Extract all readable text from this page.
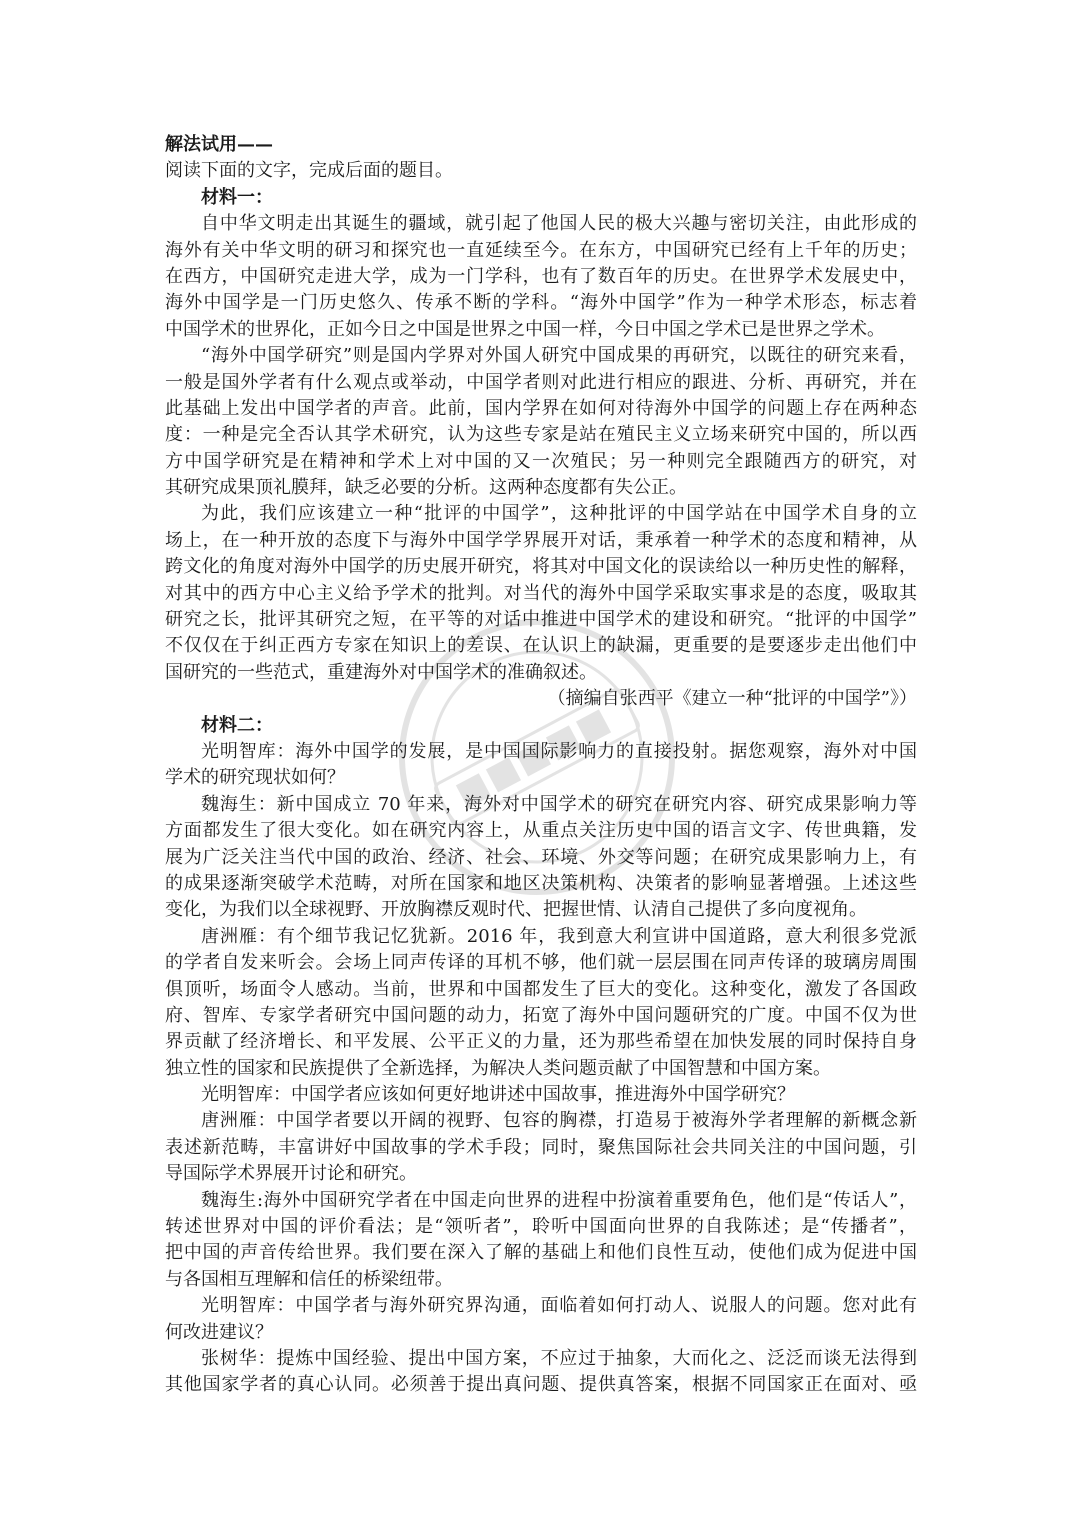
解法试用——
阅读下面的文字，完成后面的题目。
材料一：
自中华文明走出其诞生的疆域，就引起了他国人民的极大兴趣与密切关注，由此形成的
海外有关中华文明的研习和探究也一直延续至今。在东方，中国研究已经有上千年的历史；
在西方，中国研究走进大学，成为一门学科，也有了数百年的历史。在世界学术发展史中，
海外中国学是一门历史悠久、传承不断的学科。“海外中国学”作为一种学术形态，标志着
中国学术的世界化，正如今日之中国是世界之中国一样，今日中国之学术已是世界之学术。
“海外中国学研究”则是国内学界对外国人研究中国成果的再研究，以既往的研究来看，
一般是国外学者有什么观点或举动，中国学者则对此进行相应的跟进、分析、再研究，并在
此基础上发出中国学者的声音。此前，国内学界在如何对待海外中国学的问题上存在两种态
度：一种是完全否认其学术研究，认为这些专家是站在殖民主义立场来研究中国的，所以西
方中国学研究是在精神和学术上对中国的又一次殖民；另一种则完全跟随西方的研究，对
其研究成果顶礼膜拜，缺乏必要的分析。这两种态度都有失公正。
为此，我们应该建立一种“批评的中国学”，这种批评的中国学站在中国学术自身的立
场上，在一种开放的态度下与海外中国学学界展开对话，秉承着一种学术的态度和精神，从
跨文化的角度对海外中国学的历史展开研究，将其对中国文化的误读给以一种历史性的解释，
对其中的西方中心主义给予学术的批判。对当代的海外中国学采取实事求是的态度，吸取其
研究之长，批评其研究之短，在平等的对话中推进中国学术的建设和研究。“批评的中国学”
不仅仅在于纠正西方专家在知识上的差误、在认识上的缺漏，更重要的是要逐步走出他们中
国研究的一些范式，重建海外对中国学术的准确叙述。
（摘编自张西平《建立一种“批评的中国学”》）
材料二：
光明智库：海外中国学的发展，是中国国际影响力的直接投射。据您观察，海外对中国
学术的研究现状如何？
魏海生：新中国成立 70 年来，海外对中国学术的研究在研究内容、研究成果影响力等
方面都发生了很大变化。如在研究内容上，从重点关注历史中国的语言文字、传世典籍，发
展为广泛关注当代中国的政治、经济、社会、环境、外交等问题；在研究成果影响力上，有
的成果逐渐突破学术范畴，对所在国家和地区决策机构、决策者的影响显著增强。上述这些
变化，为我们以全球视野、开放胸襟反观时代、把握世情、认清自己提供了多向度视角。
唐洲雁：有个细节我记忆犹新。2016 年，我到意大利宣讲中国道路，意大利很多党派
的学者自发来听会。会场上同声传译的耳机不够，他们就一层层围在同声传译的玻璃房周围
倶顶听，场面令人感动。当前，世界和中国都发生了巨大的变化。这种变化，激发了各国政
府、智库、专家学者研究中国问题的动力，拓宽了海外中国问题研究的广度。中国不仅为世
界贡献了经济增长、和平发展、公平正义的力量，还为那些希望在加快发展的同时保持自身
独立性的国家和民族提供了全新选择，为解决人类问题贡献了中国智慧和中国方案。
光明智库：中国学者应该如何更好地讲述中国故事，推进海外中国学研究？
唐洲雁：中国学者要以开阔的视野、包容的胸襟，打造易于被海外学者理解的新概念新
表述新范畴，丰富讲好中国故事的学术手段；同时，聚焦国际社会共同关注的中国问题，引
导国际学术界展开讨论和研究。
魏海生:海外中国研究学者在中国走向世界的进程中扮演着重要角色，他们是“传话人”，
转述世界对中国的评价看法；是“领听者”，聆听中国面向世界的自我陈述；是“传播者”，
把中国的声音传给世界。我们要在深入了解的基础上和他们良性互动，使他们成为促进中国
与各国相互理解和信任的桥梁纽带。
光明智库：中国学者与海外研究界沟通，面临着如何打动人、说服人的问题。您对此有
何改进建议？
张树华：提炼中国经验、提出中国方案，不应过于抽象，大而化之、泛泛而谈无法得到
其他国家学者的真心认同。必须善于提出真问题、提供真答案，根据不同国家正在面对、亟
